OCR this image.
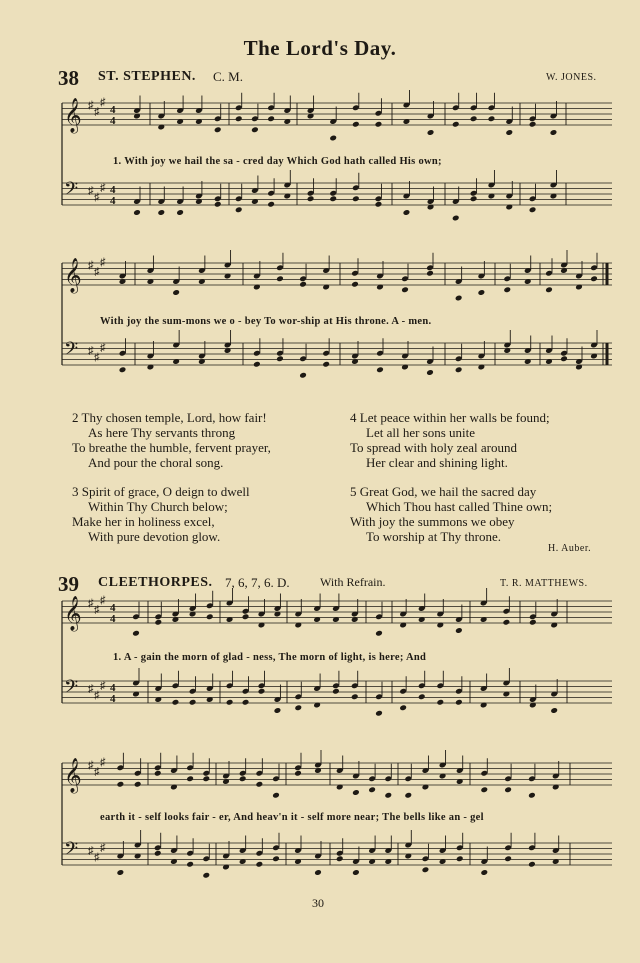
The Lord's Day.
38 ST. STEPHEN. C. M.	W. JONES.
1. With joy we hail the sa - cred day Which God hath called His own;
With joy the sum-mons we o - bey To wor-ship at His throne. A - men.

2 Thy chosen temple, Lord, how fair!

As here Thy servants throng

To breathe the humble, fervent prayer,

And pour the choral song.

3 Spirit of grace, O deign to dwell

Within Thy Church below;

Make her in holiness excel,

With pure devotion glow.

4 Let peace within her walls be found;

Let all her sons unite

To spread with holy zeal around

Her clear and shining light.

5 Great God, we hail the sacred day

Which Thou hast called Thine own;

With joy the summons we obey

To worship at Thy throne.

H. Auber.
39 CLEETHORPES. 7, 6, 7, 6. D.	With Refrain.	T. R. MATTHEWS.
1. A - gain the morn of glad - ness, The morn of light, is here; And
earth it - self looks fair - er, And heav'n it - self more near; The bells like an - gel
30
𝄞 ♯
♯
♯
4
4
𝄢 ♯
♯
♯ 4
4
𝄞 ♯
♯
♯
𝄢 ♯
♯
♯
𝄞 ♯
♯
♯
4
4
𝄢 ♯
♯
♯ 4
4
𝄞 ♯
♯
♯
𝄢 ♯
♯
♯
